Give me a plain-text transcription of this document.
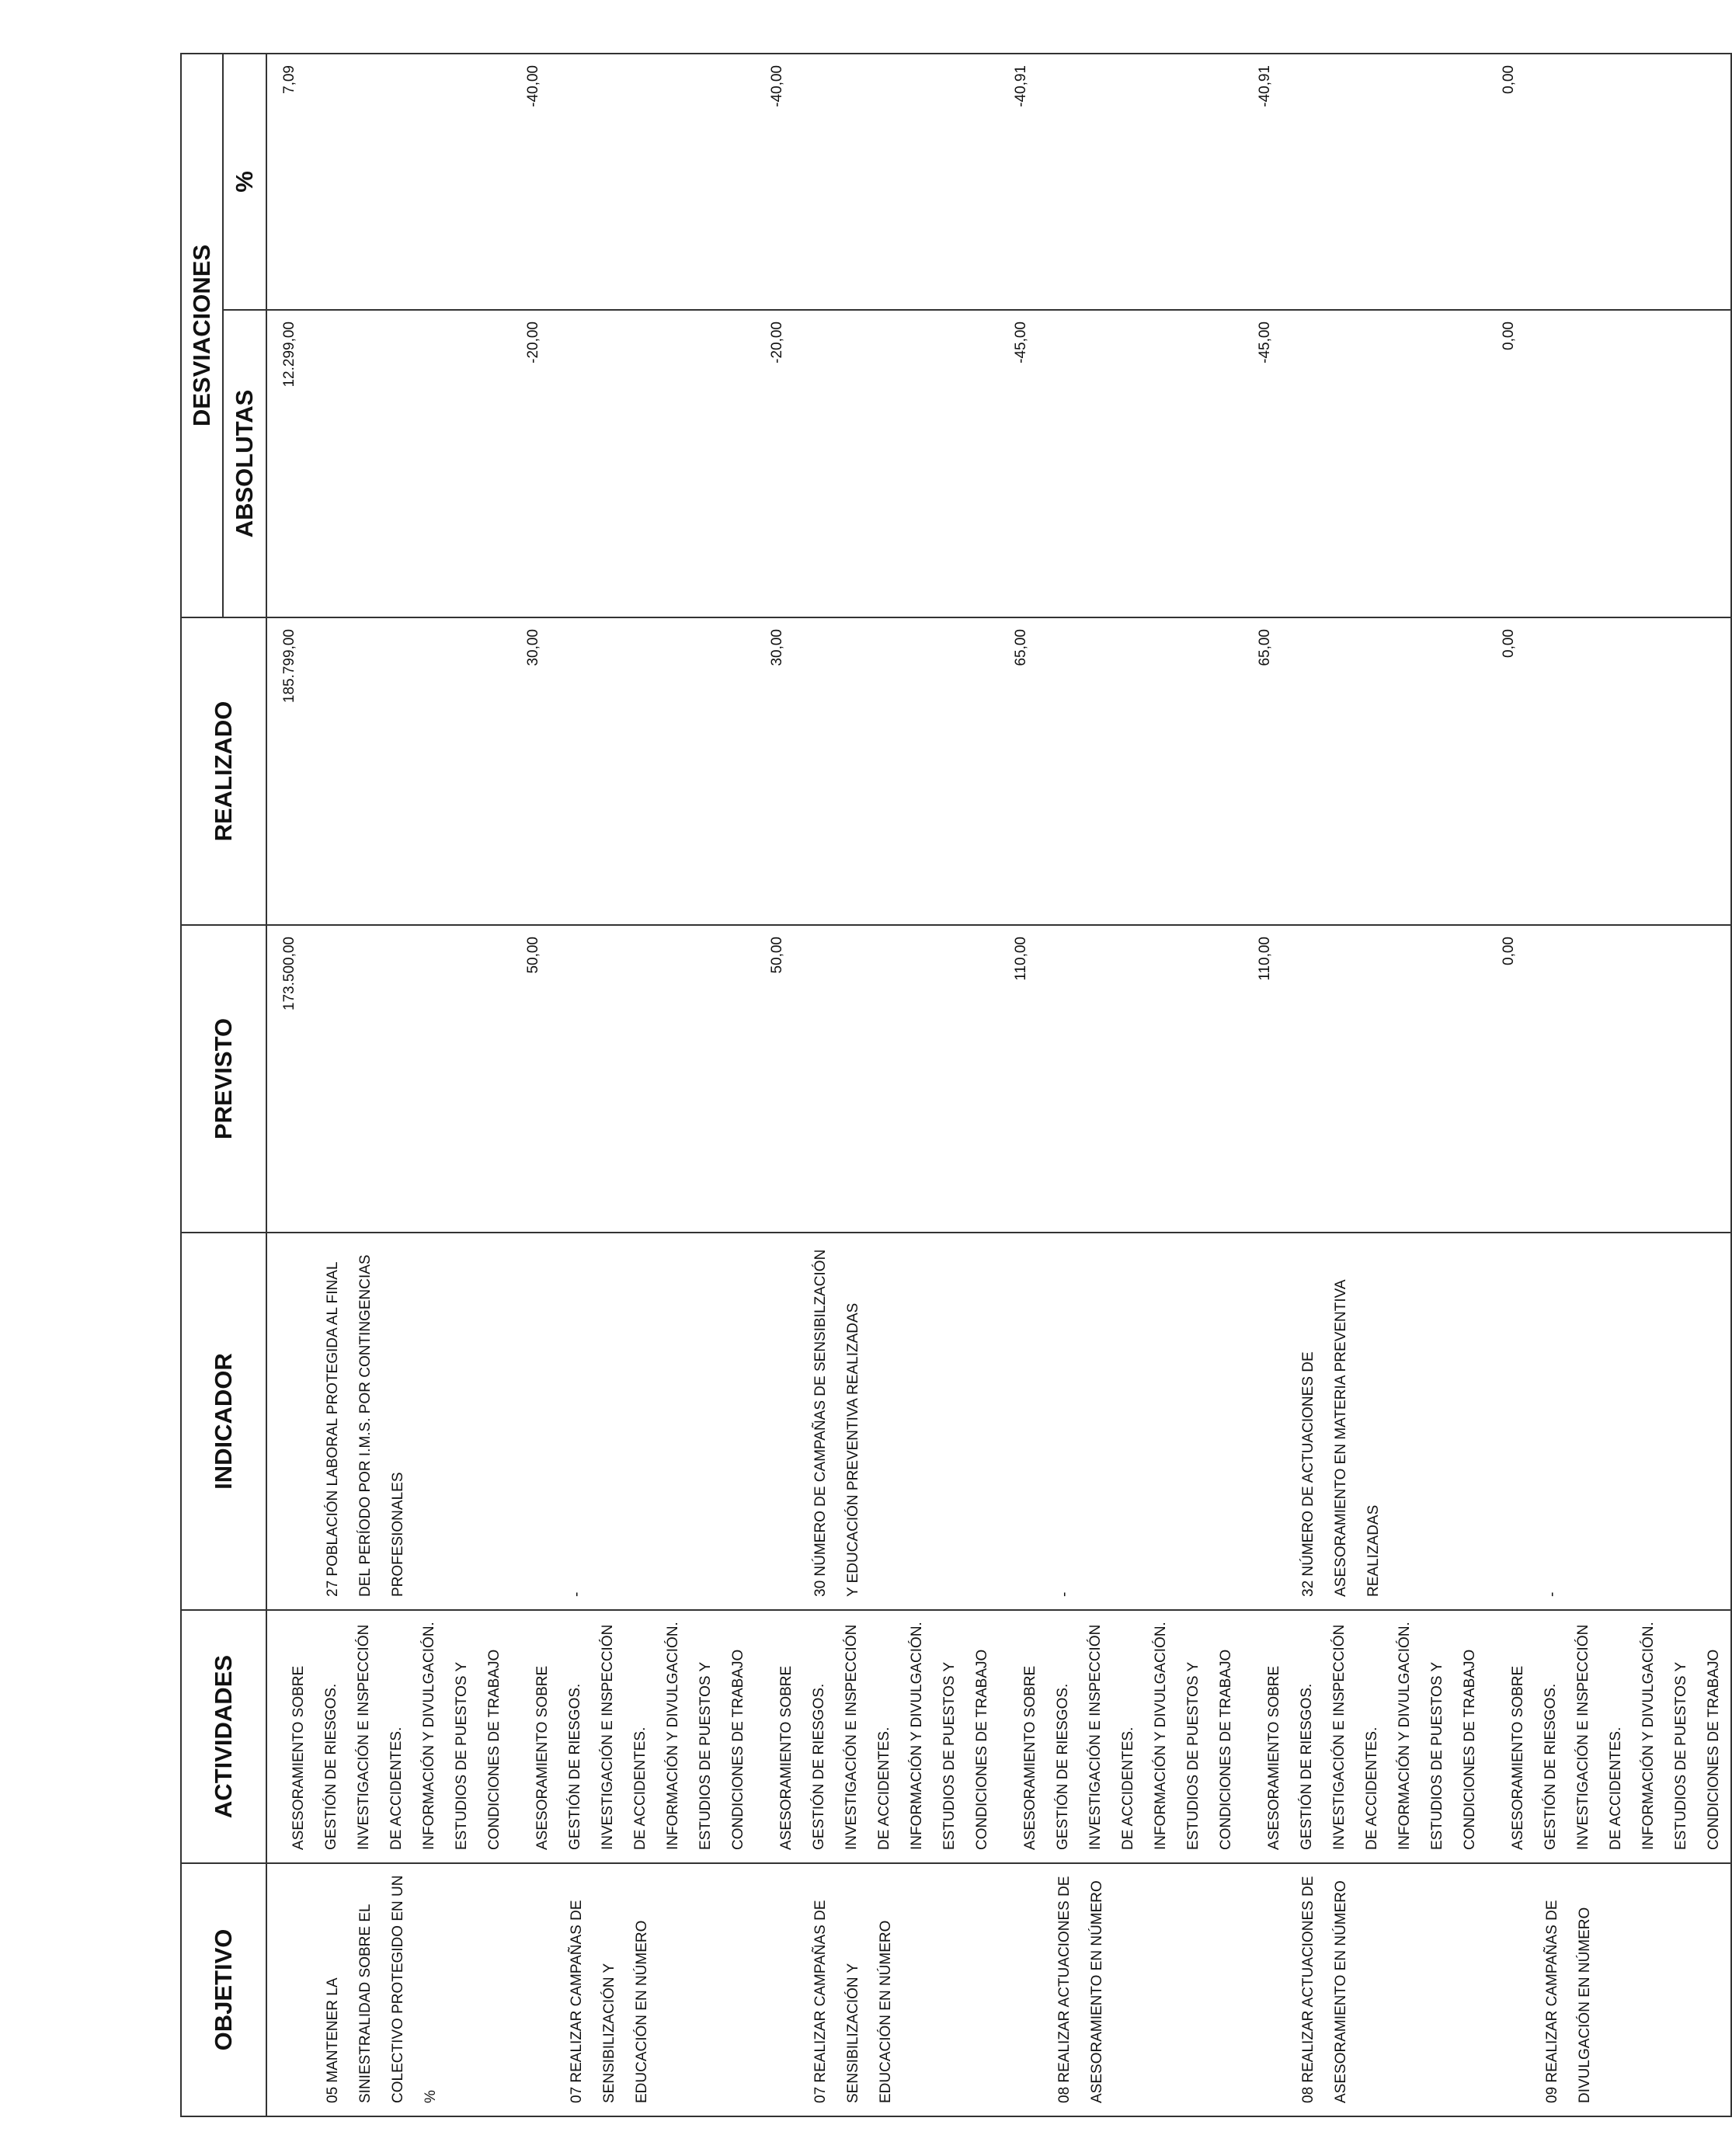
OBJETIVO	ACTIVIDADES	INDICADOR	PREVISTO	REALIZADO	DESVIACIONES	
					ABSOLUTAS	%

05 MANTENER LA SINIESTRALIDAD SOBRE EL COLECTIVO PROTEGIDO EN UN %	ASESORAMIENTO SOBRE GESTIÓN DE RIESGOS. INVESTIGACIÓN E INSPECCIÓN DE ACCIDENTES. INFORMACIÓN Y DIVULGACIÓN. ESTUDIOS DE PUESTOS Y CONDICIONES DE TRABAJO	27 POBLACIÓN LABORAL PROTEGIDA AL FINAL DEL PERÍODO POR I.M.S. POR CONTINGENCIAS PROFESIONALES	173.500,00	185.799,00	12.299,00	7,09

07 REALIZAR CAMPAÑAS DE SENSIBILIZACIÓN Y EDUCACIÓN EN NÚMERO	ASESORAMIENTO SOBRE GESTIÓN DE RIESGOS. INVESTIGACIÓN E INSPECCIÓN DE ACCIDENTES. INFORMACIÓN Y DIVULGACIÓN. ESTUDIOS DE PUESTOS Y CONDICIONES DE TRABAJO	-	50,00	30,00	-20,00	-40,00

07 REALIZAR CAMPAÑAS DE SENSIBILIZACIÓN Y EDUCACIÓN EN NÚMERO	ASESORAMIENTO SOBRE GESTIÓN DE RIESGOS. INVESTIGACIÓN E INSPECCIÓN DE ACCIDENTES. INFORMACIÓN Y DIVULGACIÓN. ESTUDIOS DE PUESTOS Y CONDICIONES DE TRABAJO	30 NÚMERO DE CAMPAÑAS DE SENSIBILZACIÓN Y EDUCACIÓN PREVENTIVA REALIZADAS	50,00	30,00	-20,00	-40,00

08 REALIZAR ACTUACIONES DE ASESORAMIENTO EN NÚMERO	ASESORAMIENTO SOBRE GESTIÓN DE RIESGOS. INVESTIGACIÓN E INSPECCIÓN DE ACCIDENTES. INFORMACIÓN Y DIVULGACIÓN. ESTUDIOS DE PUESTOS Y CONDICIONES DE TRABAJO	-	110,00	65,00	-45,00	-40,91

08 REALIZAR ACTUACIONES DE ASESORAMIENTO EN NÚMERO	ASESORAMIENTO SOBRE GESTIÓN DE RIESGOS. INVESTIGACIÓN E INSPECCIÓN DE ACCIDENTES. INFORMACIÓN Y DIVULGACIÓN. ESTUDIOS DE PUESTOS Y CONDICIONES DE TRABAJO	32 NÚMERO DE ACTUACIONES DE ASESORAMIENTO EN MATERIA PREVENTIVA REALIZADAS	110,00	65,00	-45,00	-40,91

09 REALIZAR CAMPAÑAS DE DIVULGACIÓN EN NÚMERO	ASESORAMIENTO SOBRE GESTIÓN DE RIESGOS. INVESTIGACIÓN E INSPECCIÓN DE ACCIDENTES. INFORMACIÓN Y DIVULGACIÓN. ESTUDIOS DE PUESTOS Y CONDICIONES DE TRABAJO	-	0,00	0,00	0,00	0,00
